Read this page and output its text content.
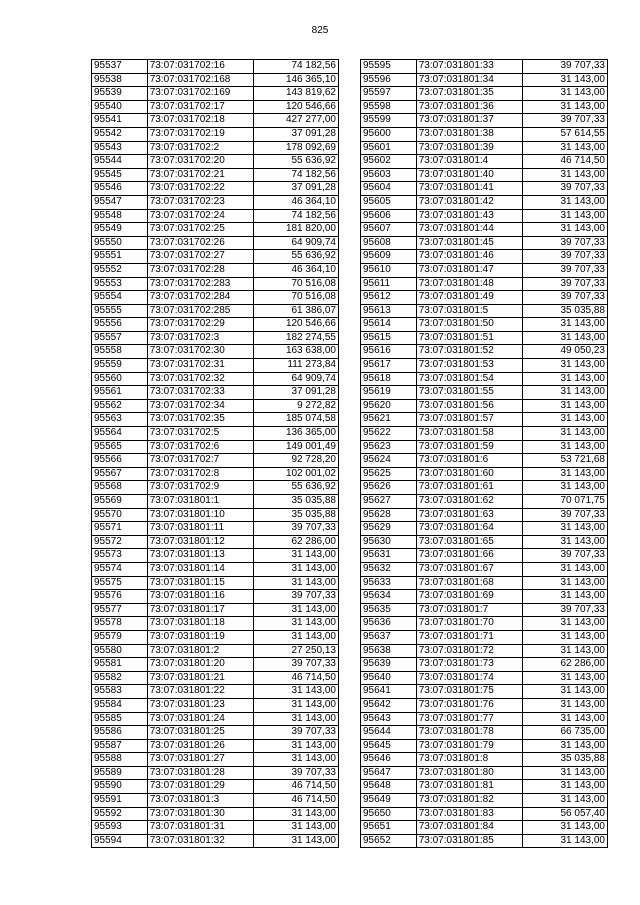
825
95537	73:07:031702:16	74 182,56
95538	73:07:031702:168	146 365,10
95539	73:07:031702:169	143 819,62
95540	73:07:031702:17	120 546,66
95541	73:07:031702:18	427 277,00
95542	73:07:031702:19	37 091,28
95543	73:07:031702:2	178 092,69
95544	73:07:031702:20	55 636,92
95545	73:07:031702:21	74 182,56
95546	73:07:031702:22	37 091,28
95547	73:07:031702:23	46 364,10
95548	73:07:031702:24	74 182,56
95549	73:07:031702:25	181 820,00
95550	73:07:031702:26	64 909,74
95551	73:07:031702:27	55 636,92
95552	73:07:031702:28	46 364,10
95553	73:07:031702:283	70 516,08
95554	73:07:031702:284	70 516,08
95555	73:07:031702:285	61 386,07
95556	73:07:031702:29	120 546,66
95557	73:07:031702:3	182 274,55
95558	73:07:031702:30	163 638,00
95559	73:07:031702:31	111 273,84
95560	73:07:031702:32	64 909,74
95561	73:07:031702:33	37 091,28
95562	73:07:031702:34	9 272,82
95563	73:07:031702:35	185 074,58
95564	73:07:031702:5	136 365,00
95565	73:07:031702:6	149 001,49
95566	73:07:031702:7	92 728,20
95567	73:07:031702:8	102 001,02
95568	73:07:031702:9	55 636,92
95569	73:07:031801:1	35 035,88
95570	73:07:031801:10	35 035,88
95571	73:07:031801:11	39 707,33
95572	73:07:031801:12	62 286,00
95573	73:07:031801:13	31 143,00
95574	73:07:031801:14	31 143,00
95575	73:07:031801:15	31 143,00
95576	73:07:031801:16	39 707,33
95577	73:07:031801:17	31 143,00
95578	73:07:031801:18	31 143,00
95579	73:07:031801:19	31 143,00
95580	73:07:031801:2	27 250,13
95581	73:07:031801:20	39 707,33
95582	73:07:031801:21	46 714,50
95583	73:07:031801:22	31 143,00
95584	73:07:031801:23	31 143,00
95585	73:07:031801:24	31 143,00
95586	73:07:031801:25	39 707,33
95587	73:07:031801:26	31 143,00
95588	73:07:031801:27	31 143,00
95589	73:07:031801:28	39 707,33
95590	73:07:031801:29	46 714,50
95591	73:07:031801:3	46 714,50
95592	73:07:031801:30	31 143,00
95593	73:07:031801:31	31 143,00
95594	73:07:031801:32	31 143,00
95595	73:07:031801:33	39 707,33
95596	73:07:031801:34	31 143,00
95597	73:07:031801:35	31 143,00
95598	73:07:031801:36	31 143,00
95599	73:07:031801:37	39 707,33
95600	73:07:031801:38	57 614,55
95601	73:07:031801:39	31 143,00
95602	73:07:031801:4	46 714,50
95603	73:07:031801:40	31 143,00
95604	73:07:031801:41	39 707,33
95605	73:07:031801:42	31 143,00
95606	73:07:031801:43	31 143,00
95607	73:07:031801:44	31 143,00
95608	73:07:031801:45	39 707,33
95609	73:07:031801:46	39 707,33
95610	73:07:031801:47	39 707,33
95611	73:07:031801:48	39 707,33
95612	73:07:031801:49	39 707,33
95613	73:07:031801:5	35 035,88
95614	73:07:031801:50	31 143,00
95615	73:07:031801:51	31 143,00
95616	73:07:031801:52	49 050,23
95617	73:07:031801:53	31 143,00
95618	73:07:031801:54	31 143,00
95619	73:07:031801:55	31 143,00
95620	73:07:031801:56	31 143,00
95621	73:07:031801:57	31 143,00
95622	73:07:031801:58	31 143,00
95623	73:07:031801:59	31 143,00
95624	73:07:031801:6	53 721,68
95625	73:07:031801:60	31 143,00
95626	73:07:031801:61	31 143,00
95627	73:07:031801:62	70 071,75
95628	73:07:031801:63	39 707,33
95629	73:07:031801:64	31 143,00
95630	73:07:031801:65	31 143,00
95631	73:07:031801:66	39 707,33
95632	73:07:031801:67	31 143,00
95633	73:07:031801:68	31 143,00
95634	73:07:031801:69	31 143,00
95635	73:07:031801:7	39 707,33
95636	73:07:031801:70	31 143,00
95637	73:07:031801:71	31 143,00
95638	73:07:031801:72	31 143,00
95639	73:07:031801:73	62 286,00
95640	73:07:031801:74	31 143,00
95641	73:07:031801:75	31 143,00
95642	73:07:031801:76	31 143,00
95643	73:07:031801:77	31 143,00
95644	73:07:031801:78	66 735,00
95645	73:07:031801:79	31 143,00
95646	73:07:031801:8	35 035,88
95647	73:07:031801:80	31 143,00
95648	73:07:031801:81	31 143,00
95649	73:07:031801:82	31 143,00
95650	73:07:031801:83	56 057,40
95651	73:07:031801:84	31 143,00
95652	73:07:031801:85	31 143,00
